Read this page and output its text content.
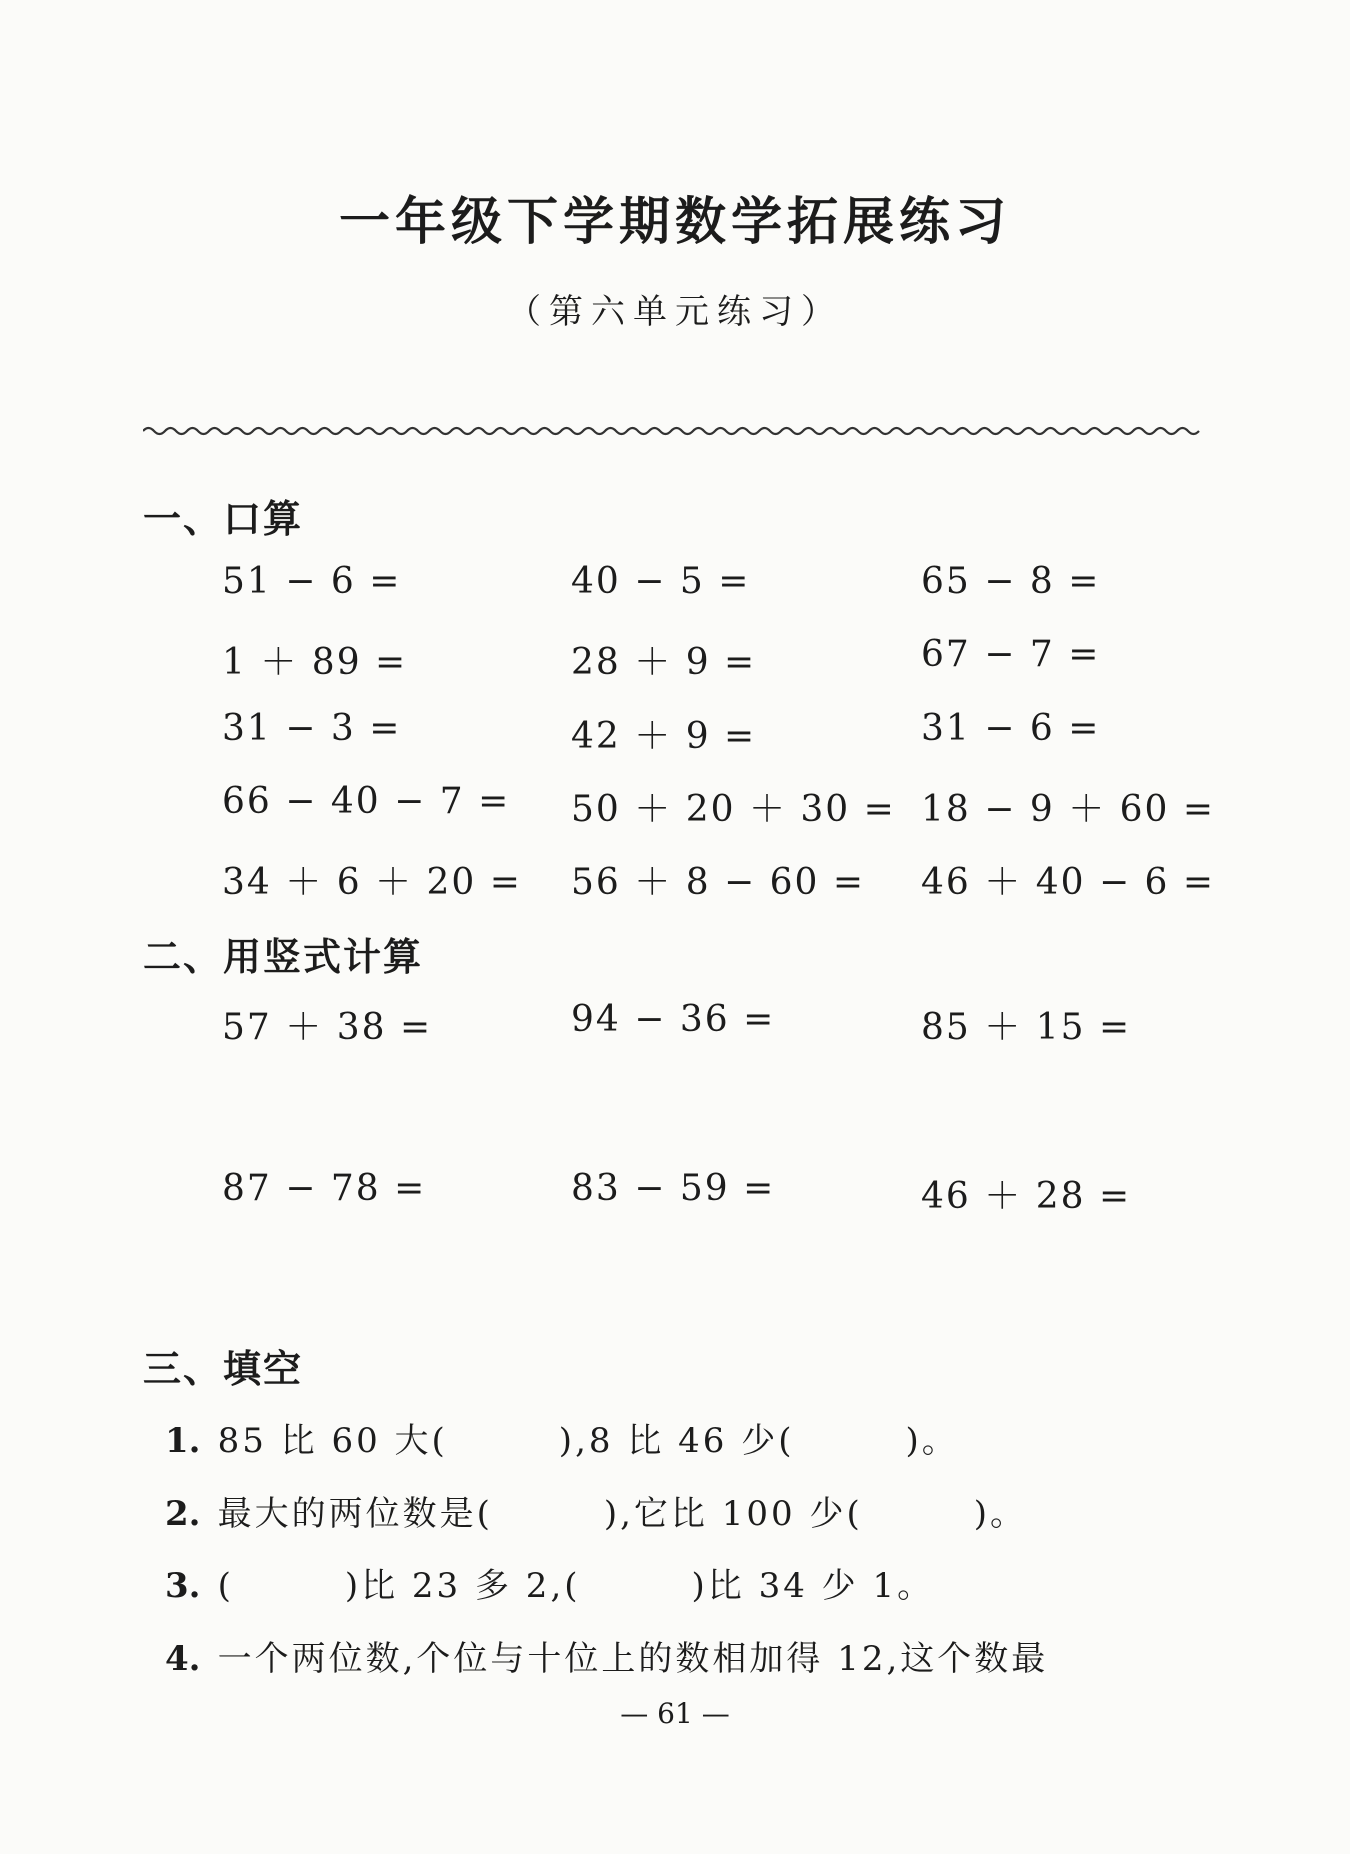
一年级下学期数学拓展练习
（第六单元练习）
一、口算
51 − 6 =	40 − 5 =	65 − 8 =
1 ＋ 89 =	28 ＋ 9 =	67 − 7 =
31 − 3 =	42 ＋ 9 =	31 − 6 =
66 − 40 − 7 = 50 ＋ 20 ＋ 30 = 18 − 9 ＋ 60 =
34 ＋ 6 ＋ 20 = 56 ＋ 8 − 60 = 46 ＋ 40 − 6 =
二、用竖式计算
57 ＋ 38 =	94 − 36 =	85 ＋ 15 =
87 − 78 =	83 − 59 =	46 ＋ 28 =
三、填空
1. 85 比 60 大(　　　),8 比 46 少(　　　)。
2. 最大的两位数是(　　　),它比 100 少(　　　)。
3. (　　　)比 23 多 2,(　　　)比 34 少 1。
4. 一个两位数,个位与十位上的数相加得 12,这个数最
— 61 —
